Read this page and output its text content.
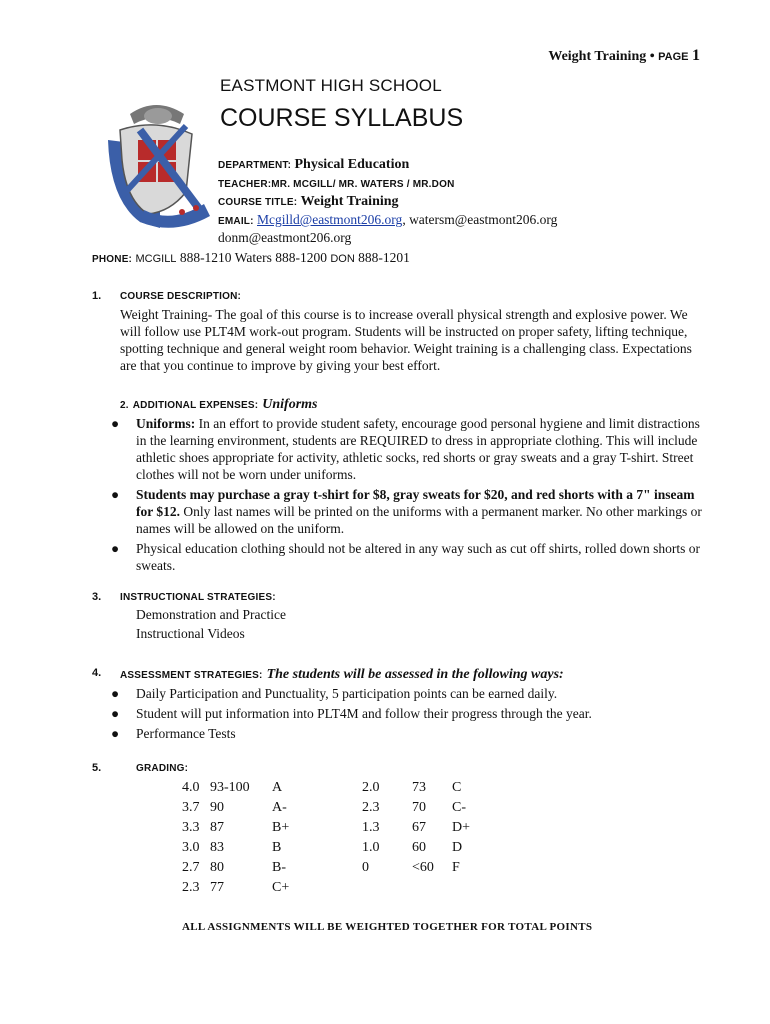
Weight Training • PAGE 1
EASTMONT HIGH SCHOOL
COURSE SYLLABUS
DEPARTMENT: Physical Education
TEACHER:MR. MCGILL/ MR. WATERS / MR.DON
COURSE TITLE: Weight Training
EMAIL: Mcgilld@eastmont206.org, watersm@eastmont206.org
donm@eastmont206.org
PHONE: MCGILL 888-1210 Waters 888-1200 DON 888-1201
1. COURSE DESCRIPTION:
Weight Training- The goal of this course is to increase overall physical strength and explosive power. We will follow use PLT4M work-out program. Students will be instructed on proper safety, lifting technique, spotting technique and general weight room behavior. Weight training is a challenging class. Expectations are that you continue to improve by giving your best effort.
2. ADDITIONAL EXPENSES: Uniforms
● Uniforms: In an effort to provide student safety, encourage good personal hygiene and limit distractions in the learning environment, students are REQUIRED to dress in appropriate clothing. This will include athletic shoes appropriate for activity, athletic socks, red shorts or gray sweats and a gray T-shirt. Street clothes will not be worn under uniforms.
● Students may purchase a gray t-shirt for $8, gray sweats for $20, and red shorts with a 7" inseam for $12. Only last names will be printed on the uniforms with a permanent marker. No other markings or names will be allowed on the uniform.
● Physical education clothing should not be altered in any way such as cut off shirts, rolled down shorts or sweats.
3. INSTRUCTIONAL STRATEGIES:
Demonstration and Practice
Instructional Videos
4. ASSESSMENT STRATEGIES: The students will be assessed in the following ways:
● Daily Participation and Punctuality, 5 participation points can be earned daily.
● Student will put information into PLT4M and follow their progress through the year.
● Performance Tests
5.	GRADING:
4.0	93-100	A	2.0	73	C
3.7	90	A-	2.3	70	C-
3.3	87	B+	1.3	67	D+
3.0	83	B	1.0	60	D
2.7	80	B-	0	<60	F
2.3	77	C+			
ALL ASSIGNMENTS WILL BE WEIGHTED TOGETHER FOR TOTAL POINTS
